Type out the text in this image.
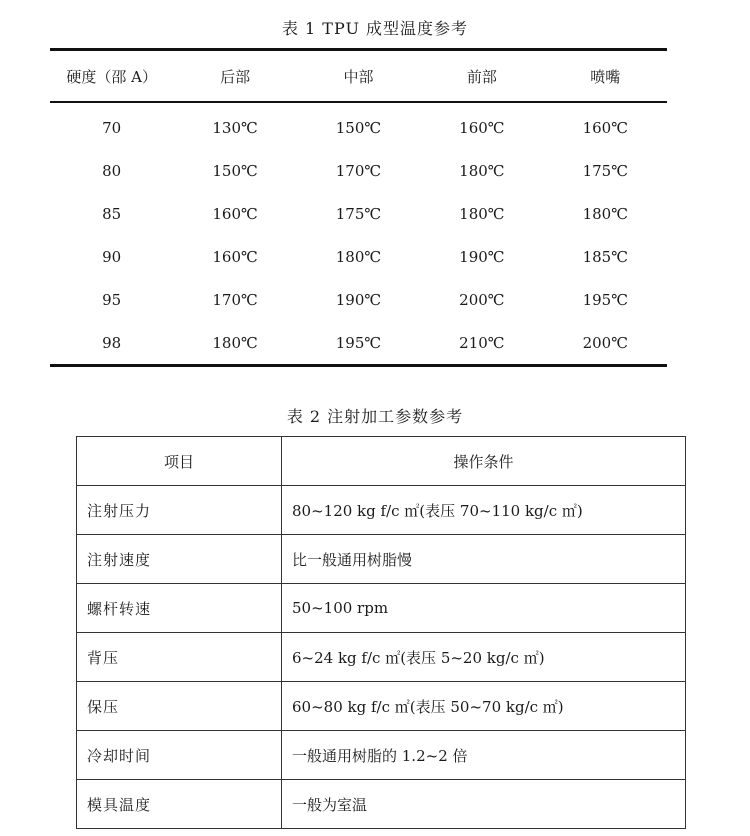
表 1 TPU 成型温度参考
硬度（邵 A）	后部	中部	前部	喷嘴
70	130℃	150℃	160℃	160℃
80	150℃	170℃	180℃	175℃
85	160℃	175℃	180℃	180℃
90	160℃	180℃	190℃	185℃
95	170℃	190℃	200℃	195℃
98	180℃	195℃	210℃	200℃
表 2 注射加工参数参考
项目	操作条件
注射压力	80~120 kg f/c ㎡(表压 70~110 kg/c ㎡)
注射速度	比一般通用树脂慢
螺杆转速	50~100 rpm
背压	6~24 kg f/c ㎡(表压 5~20 kg/c ㎡)
保压	60~80 kg f/c ㎡(表压 50~70 kg/c ㎡)
冷却时间	一般通用树脂的 1.2~2 倍
模具温度	一般为室温
